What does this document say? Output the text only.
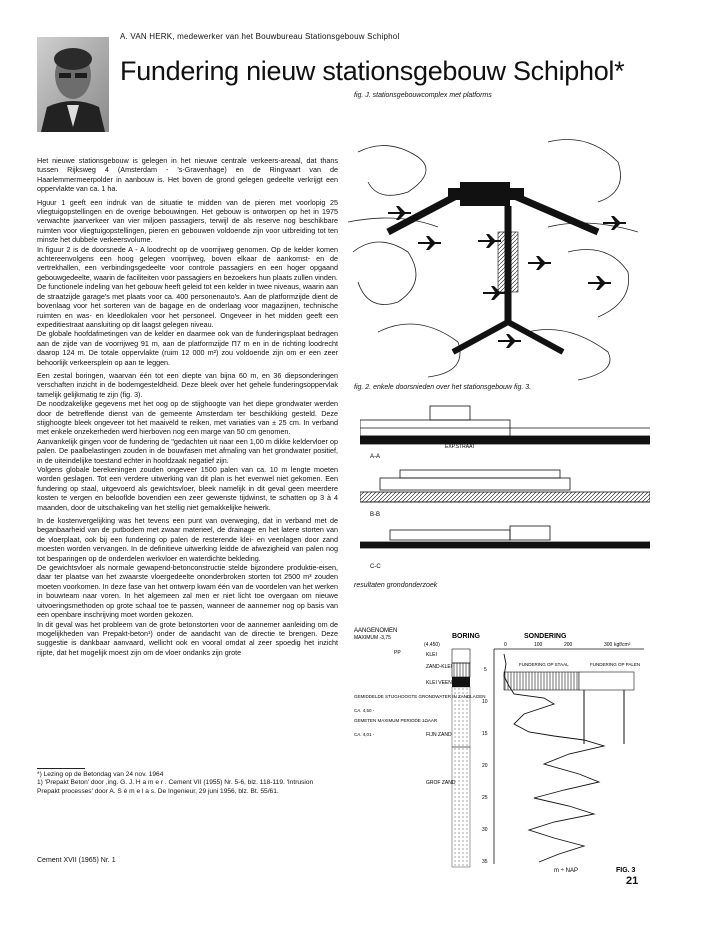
A. VAN HERK, medewerker van het Bouwbureau Stationsgebouw Schiphol
Fundering nieuw stationsgebouw Schiphol*
fig. J. stationsgebouwcomplex met platforms

Het nieuwe stationsgebouw is gelegen in het nieuwe centrale verkeers-areaal, dat thans tussen Rijksweg 4 (Amsterdam - 's-Gravenhage) en de Ringvaart van de Haarlemmermeerpolder in aanbouw is. Het boven de grond gelegen gedeelte verkrijgt een oppervlakte van ca. 1 ha.

Hguur 1 geeft een indruk van de situatie te midden van de pieren met voorlopig 25 vliegtuigopstellingen en de overige bebouwingen. Het gebouw is ontworpen op het in 1975 verwachte jaarverkeer van vier miljoen passagiers, terwijl de als reserve nog beschikbare ruimten voor vliegtuigopstellingen, pieren en gebouwen voldoende zijn voor uitbreiding tot ten minste het dubbele verkeersvolume.

In figuur 2 is de doorsnede A - A loodrecht op de voorrijweg genomen. Op de kelder komen achtereenvolgens een hoog gelegen voorrijweg, boven elkaar de aankomst- en de vertrekhallen, een verbindingsgedeelte voor controle passagiers en een hoger opgaand gebouwgedeelte, waarin de faciliteiten voor passagiers en bezoekers hun plaats zullen vinden.

De functionele indeling van het gebouw heeft geleid tot een kelder in twee niveaus, waarin aan de straatzijde garage's met plaats voor ca. 400 personenauto's. Aan de platformzijde dient de bovenlaag voor het sorteren van de bagage en de onderlaag voor magazijnen, technische ruimten en was- en kleedlokalen voor het personeel. Ongeveer in het midden geeft een expeditiestraat aansluiting op dit laagst gelegen niveau.

De globale hoofdafmetingen van de kelder en daarmee ook van de funderingsplaat bedragen aan de zijde van de voorrijweg 91 m, aan de platformzijde Π7 m en in de richting loodrecht daarop 124 m. De totale oppervlakte (ruim 12 000 m²) zou voldoende zijn om er een zeer behoorlijk verkeersplein op aan te leggen.

Een zestal boringen, waarvan één tot een diepte van bijna 60 m, en 36 diepsonderingen verschaften inzicht in de bodemgesteldheid. Deze bleek over het gehele funderingsoppervlak tamelijk gelijkmatig te zijn (fig. 3).

De noodzakelijke gegevens met het oog op de stijghoogte van het diepe grondwater werden door de betreffende dienst van de gemeente Amsterdam ter beschikking gesteld. Deze stijghoogte bleek ongeveer tot het maaiveld te reiken, met variaties van ± 25 cm. In verband met enkele onzekerheden werd hierboven nog een marge van 50 cm genomen.

Aanvankelijk gingen voor de fundering de "gedachten uit naar een 1,00 m dikke keldervloer op palen. De paalbelastingen zouden in de bouwfasen met afmaling van het grondwater positief, in de uiteindelijke toestand echter in hoofdzaak negatief zijn.

Volgens globale berekeningen zouden ongeveer 1500 palen van ca. 10 m lengte moeten worden geslagen. Tot een verdere uitwerking van dit plan is het evenwel niet gekomen. Een fundering op staal, uitgevoerd als gewichtsvloer, bleek namelijk in dit geval geen meerdere kosten te vergen en belooflde bovendien een zeer gewenste tijdwinst, te schatten op 3 à 4 maanden, door de uitschakeling van het stellig niet gemakkelijke heiwerk.

In de kostenvergelijking was het tevens een punt van overweging, dat in verband met de beganbaarheid van de putbodem met zwaar materieel, de drainage en het latere storten van de vloerplaat, ook bij een fundering op palen de resterende klei- en veenlagen door zand moesten worden vervangen. In de definitieve uitwerking leidde de afwezigheid van palen nog tot besparingen op de onderdelen werkvloer en waterdichte bekleding.

De gewichtsvloer als normale gewapend-betonconstructie stelde bijzondere produktie-eisen, daar ter plaatse van het zwaarste vloergedeelte ononderbroken storten tot 2500 m³ zouden moeten voorkomen. In deze fase van het ontwerp kwam één van de voordelen van het werken in bouwteam naar voren. In het algemeen zal men er niet licht toe overgaan om nieuwe uitvoeringsmethoden op grote schaal toe te passen, wanneer de aannemer nog op basis van een openbare inschrijving moet worden gekozen.

In dit geval was het probleem van de grote betonstorten voor de aannemer aanleiding om de mogelijkheden van Prepakt-beton¹) onder de aandacht van de directie te brengen. Deze suggestie is dankbaar aanvaard, wellicht ook en vooral omdat al zeer spoedig het inzicht rijpte, dat het mogelijk moest zijn om de vloer ondanks zijn grote

fig. 2. enkele doorsnieden over het stationsgebouw fig. 3.
A-A
EXP.STRAAT
B-B
C-C
resultaten grondonderzoek
AANGENOMEN
MAXIMUM -3,75	BORING	SONDERING
kgf/cm²
0	100	200	300
(4.450)
PP	KLEI
ZAND-KLEI
KLEI VEEN
FIJN ZAND
GROF ZAND
GEMIDDELDE STIJGHOOGTE GRONDWATER IN ZANDLAGEN
CA. 4,50 -
GEMETEN MAXIMUM PERIODE 1ΩAAR
CA. 4,01 -
5
10
15
20
25
30
35
FUNDERING OP STAAL	FUNDERING OP PALEN
m ÷ NAP	FIG. 3
*) Lezing op de Betondag van 24 nov. 1964
1) 'Prepakt Beton' door ,ing. G. J. H a m e r . Cement VII (1955) Nr. 5-6, blz. 118-119. 'Intrusion Prepakt processes' door A. S é m e l a s. De Ingenieur, 29 juni 1956, blz. Bt. 55/61.
Cement XVII (1965) Nr. 1
21
